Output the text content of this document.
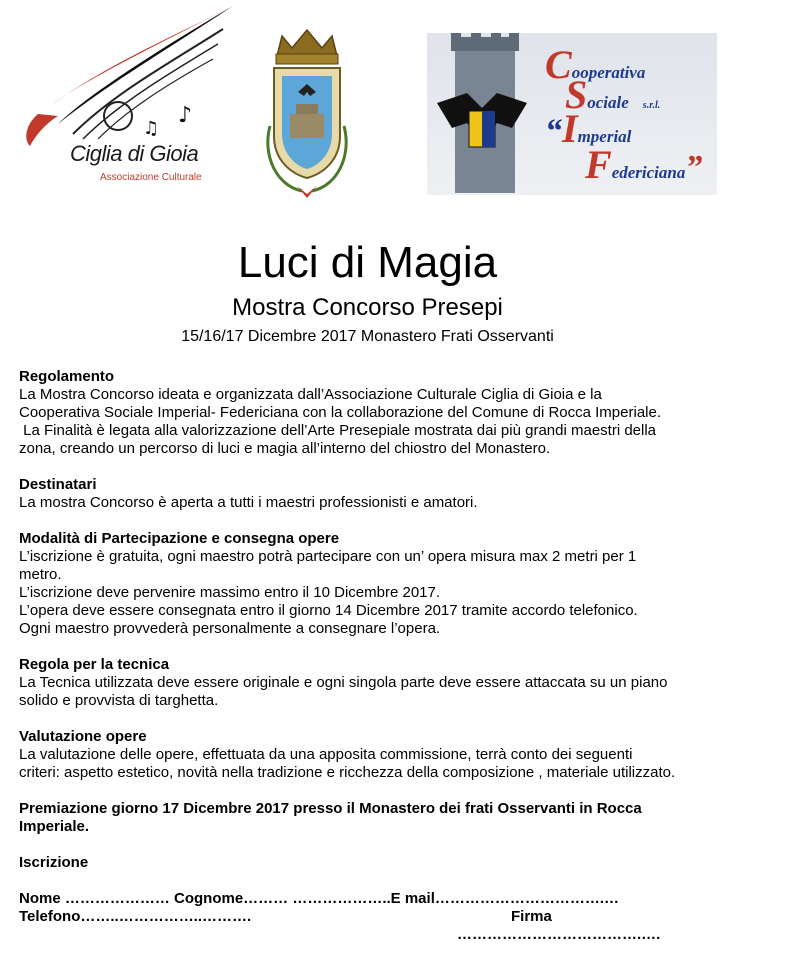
♪
♫
Ciglia di Gioia
Associazione Culturale
Cooperativa
Sociale s.r.l.
“Imperial
Federiciana”
Luci di Magia
Mostra Concorso Presepi
15/16/17 Dicembre 2017 Monastero Frati Osservanti
Regolamento
La Mostra Concorso ideata e organizzata dall’Associazione Culturale Ciglia di Gioia e la
Cooperativa Sociale Imperial- Federiciana con la collaborazione del Comune di Rocca Imperiale.
La Finalità è legata alla valorizzazione dell’Arte Presepiale mostrata dai più grandi maestri della
zona, creando un percorso di luci e magia all’interno del chiostro del Monastero.
Destinatari
La mostra Concorso è aperta a tutti i maestri professionisti e amatori.
Modalità di Partecipazione e consegna opere
L’iscrizione è gratuita, ogni maestro potrà partecipare con un’ opera misura max 2 metri per 1
metro.
L’iscrizione deve pervenire massimo entro il 10 Dicembre 2017.
L’opera deve essere consegnata entro il giorno 14 Dicembre 2017 tramite accordo telefonico.
Ogni maestro provvederà personalmente a consegnare l’opera.
Regola per la tecnica
La Tecnica utilizzata deve essere originale e ogni singola parte deve essere attaccata su un piano
solido e provvista di targhetta.
Valutazione opere
La valutazione delle opere, effettuata da una apposita commissione, terrà conto dei seguenti
criteri: aspetto estetico, novità nella tradizione e ricchezza della composizione , materiale utilizzato.
Premiazione giorno 17 Dicembre 2017 presso il Monastero dei frati Osservanti in Rocca
Imperiale.
Iscrizione
Nome ………………… Cognome……… ………………..E mail…………………………….…
Telefono……..……………..……….	Firma
……………………………….….
